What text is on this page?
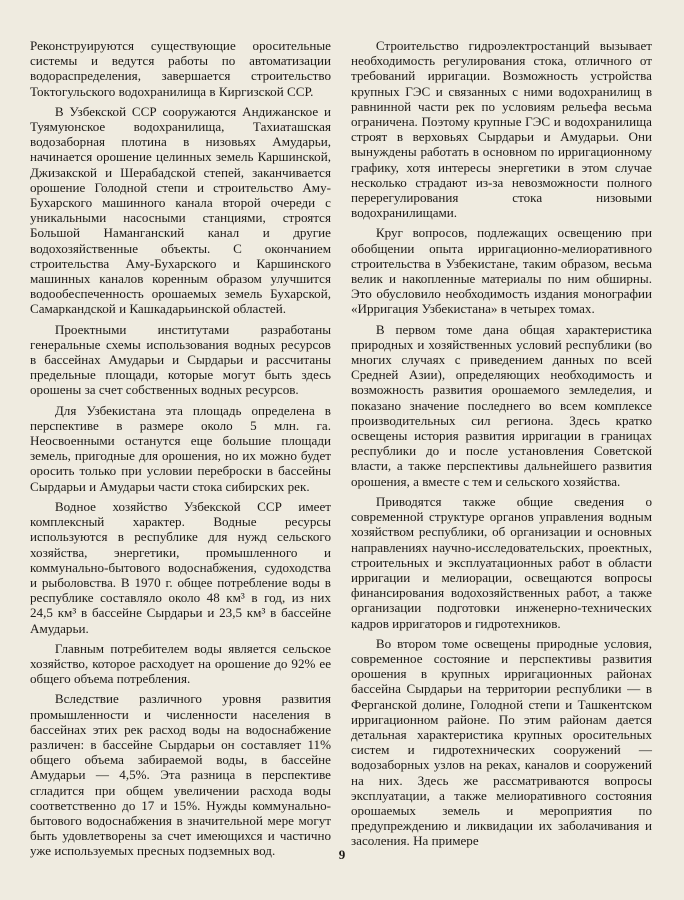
Реконструируются существующие оросительные системы и ведутся работы по автоматизации водораспределения, завершается строительство Токтогульского водохранилища в Киргизской ССР.

В Узбекской ССР сооружаются Андижанское и Туямуюнское водохранилища, Тахиаташская водозаборная плотина в низовьях Амударьи, начинается орошение целинных земель Каршинской, Джизакской и Шерабадской степей, заканчивается орошение Голодной степи и строительство Аму-Бухарского машинного канала второй очереди с уникальными насосными станциями, строятся Большой Наманганский канал и другие водохозяйственные объекты. С окончанием строительства Аму-Бухарского и Каршинского машинных каналов коренным образом улучшится водообеспеченность орошаемых земель Бухарской, Самаркандской и Кашкадарьинской областей.

Проектными институтами разработаны генеральные схемы использования водных ресурсов в бассейнах Амударьи и Сырдарьи и рассчитаны предельные площади, которые могут быть здесь орошены за счет собственных водных ресурсов.

Для Узбекистана эта площадь определена в перспективе в размере около 5 млн. га. Неосвоенными останутся еще большие площади земель, пригодные для орошения, но их можно будет оросить только при условии переброски в бассейны Сырдарьи и Амударьи части стока сибирских рек.

Водное хозяйство Узбекской ССР имеет комплексный характер. Водные ресурсы используются в республике для нужд сельского хозяйства, энергетики, промышленного и коммунально-бытового водоснабжения, судоходства и рыболовства. В 1970 г. общее потребление воды в республике составляло около 48 км³ в год, из них 24,5 км³ в бассейне Сырдарьи и 23,5 км³ в бассейне Амударьи.

Главным потребителем воды является сельское хозяйство, которое расходует на орошение до 92% ее общего объема потребления.

Вследствие различного уровня развития промышленности и численности населения в бассейнах этих рек расход воды на водоснабжение различен: в бассейне Сырдарьи он составляет 11% общего объема забираемой воды, в бассейне Амударьи — 4,5%. Эта разница в перспективе сгладится при общем увеличении расхода воды соответственно до 17 и 15%. Нужды коммунально-бытового водоснабжения в значительной мере могут быть удовлетворены за счет имеющихся и частично уже используемых пресных подземных вод.

Строительство гидроэлектростанций вызывает необходимость регулирования стока, отличного от требований ирригации. Возможность устройства крупных ГЭС и связанных с ними водохранилищ в равнинной части рек по условиям рельефа весьма ограничена. Поэтому крупные ГЭС и водохранилища строят в верховьях Сырдарьи и Амударьи. Они вынуждены работать в основном по ирригационному графику, хотя интересы энергетики в этом случае несколько страдают из-за невозможности полного перерегулирования стока низовыми водохранилищами.

Круг вопросов, подлежащих освещению при обобщении опыта ирригационно-мелиоративного строительства в Узбекистане, таким образом, весьма велик и накопленные материалы по ним обширны. Это обусловило необходимость издания монографии «Ирригация Узбекистана» в четырех томах.

В первом томе дана общая характеристика природных и хозяйственных условий республики (во многих случаях с приведением данных по всей Средней Азии), определяющих необходимость и возможность развития орошаемого земледелия, и показано значение последнего во всем комплексе производительных сил региона. Здесь кратко освещены история развития ирригации в границах республики до и после установления Советской власти, а также перспективы дальнейшего развития орошения, а вместе с тем и сельского хозяйства.

Приводятся также общие сведения о современной структуре органов управления водным хозяйством республики, об организации и основных направлениях научно-исследовательских, проектных, строительных и эксплуатационных работ в области ирригации и мелиорации, освещаются вопросы финансирования водохозяйственных работ, а также организации подготовки инженерно-технических кадров ирригаторов и гидротехников.

Во втором томе освещены природные условия, современное состояние и перспективы развития орошения в крупных ирригационных районах бассейна Сырдарьи на территории республики — в Ферганской долине, Голодной степи и Ташкентском ирригационном районе. По этим районам дается детальная характеристика крупных оросительных систем и гидротехнических сооружений — водозаборных узлов на реках, каналов и сооружений на них. Здесь же рассматриваются вопросы эксплуатации, а также мелиоративного состояния орошаемых земель и мероприятия по предупреждению и ликвидации их заболачивания и засоления. На примере

9
